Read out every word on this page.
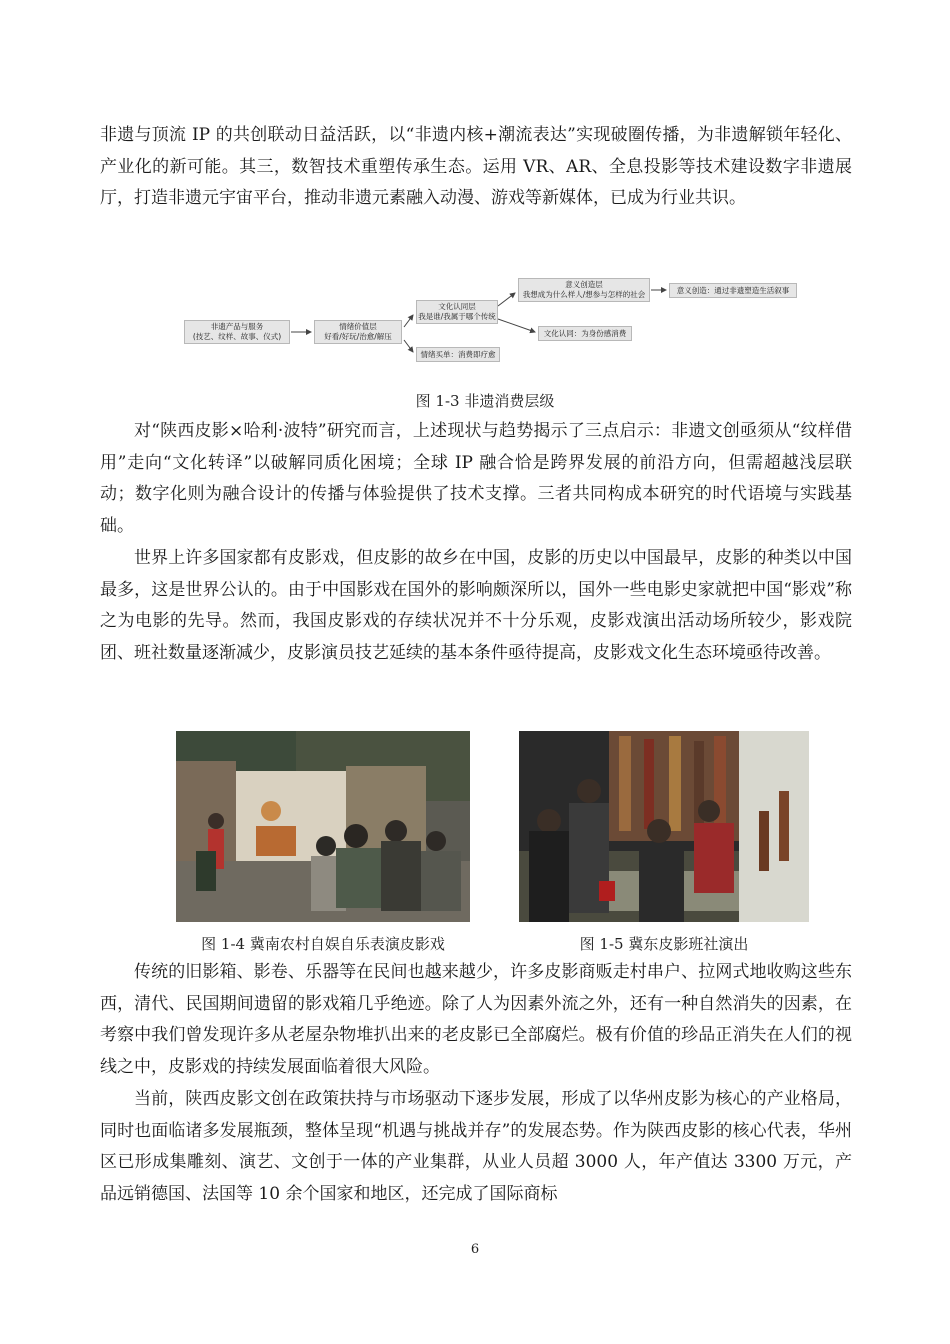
非遗与顶流 IP 的共创联动日益活跃，以“非遗内核+潮流表达”实现破圈传播，为非遗解锁年轻化、产业化的新可能。其三，数智技术重塑传承生态。运用 VR、AR、全息投影等技术建设数字非遗展厅，打造非遗元宇宙平台，推动非遗元素融入动漫、游戏等新媒体，已成为行业共识。

非遗产品与服务
(技艺、纹样、故事、仪式)
情绪价值层
好看/好玩/治愈/解压
文化认同层
我是谁/我属于哪个传统
意义创造层
我想成为什么样人/想参与怎样的社会	意义创造：通过非遗塑造生活叙事
文化认同：为身份感消费
情绪买单：消费即疗愈

图 1-3 非遗消费层级

对“陕西皮影×哈利·波特”研究而言，上述现状与趋势揭示了三点启示：非遗文创亟须从“纹样借用”走向“文化转译”以破解同质化困境；全球 IP 融合恰是跨界发展的前沿方向，但需超越浅层联动；数字化则为融合设计的传播与体验提供了技术支撑。三者共同构成本研究的时代语境与实践基础。

世界上许多国家都有皮影戏，但皮影的故乡在中国，皮影的历史以中国最早，皮影的种类以中国最多，这是世界公认的。由于中国影戏在国外的影响颇深所以，国外一些电影史家就把中国“影戏”称之为电影的先导。然而，我国皮影戏的存续状况并不十分乐观，皮影戏演出活动场所较少，影戏院团、班社数量逐渐减少，皮影演员技艺延续的基本条件亟待提高，皮影戏文化生态环境亟待改善。

图 1-4 冀南农村自娱自乐表演皮影戏	图 1-5 冀东皮影班社演出

传统的旧影箱、影卷、乐器等在民间也越来越少，许多皮影商贩走村串户、拉网式地收购这些东西，清代、民国期间遗留的影戏箱几乎绝迹。除了人为因素外流之外，还有一种自然消失的因素，在考察中我们曾发现许多从老屋杂物堆扒出来的老皮影已全部腐烂。极有价值的珍品正消失在人们的视线之中，皮影戏的持续发展面临着很大风险。

当前，陕西皮影文创在政策扶持与市场驱动下逐步发展，形成了以华州皮影为核心的产业格局，同时也面临诸多发展瓶颈，整体呈现“机遇与挑战并存”的发展态势。作为陕西皮影的核心代表，华州区已形成集雕刻、演艺、文创于一体的产业集群，从业人员超 3000 人，年产值达 3300 万元，产品远销德国、法国等 10 余个国家和地区，还完成了国际商标

6
